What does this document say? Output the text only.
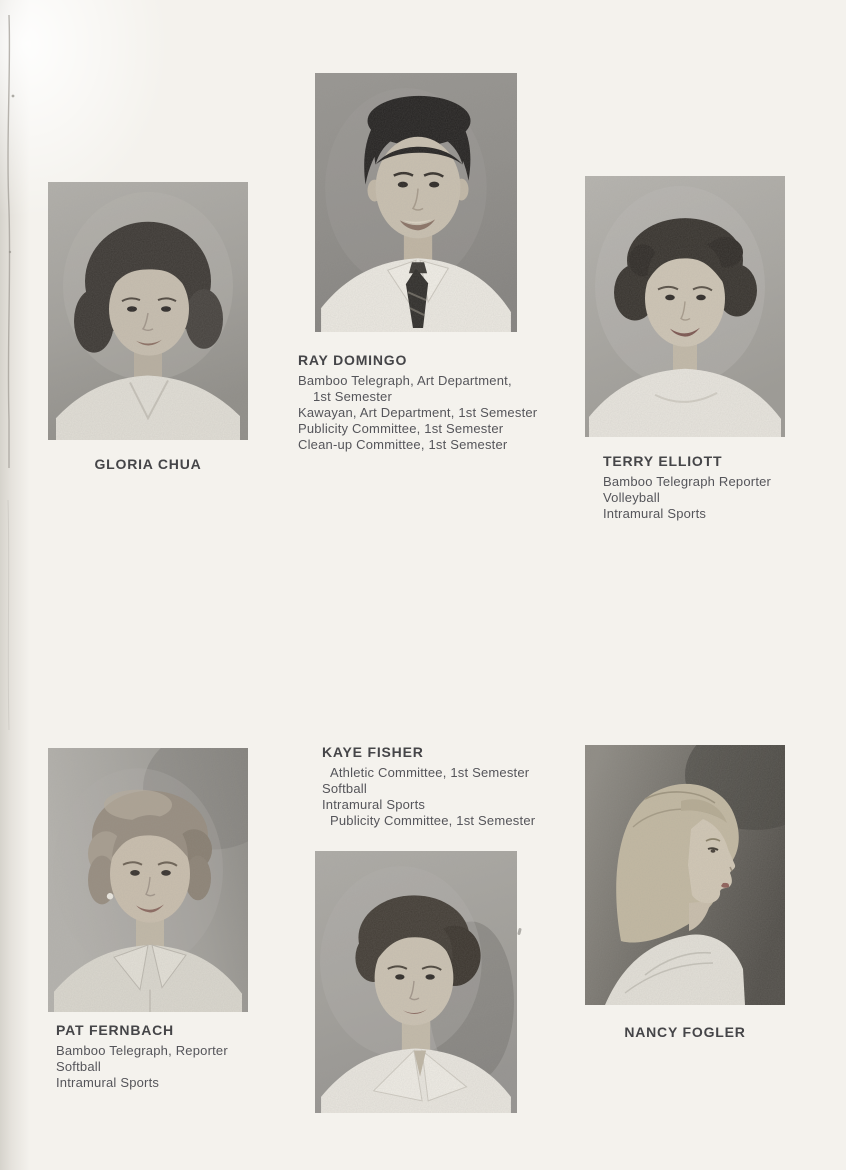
GLORIA CHUA
RAY DOMINGO
Bamboo Telegraph, Art Department,
1st Semester
Kawayan, Art Department, 1st Semester
Publicity Committee, 1st Semester
Clean-up Committee, 1st Semester
TERRY ELLIOTT
Bamboo Telegraph Reporter
Volleyball
Intramural Sports
PAT FERNBACH
Bamboo Telegraph, Reporter
Softball
Intramural Sports
KAYE FISHER
Athletic Committee, 1st Semester
Softball
Intramural Sports
Publicity Committee, 1st Semester
NANCY FOGLER
